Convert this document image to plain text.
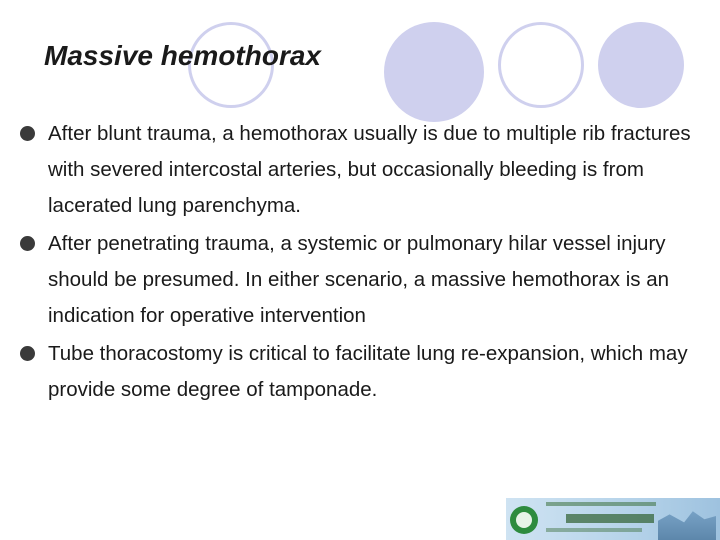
Massive hemothorax
After blunt trauma, a hemothorax usually is due to multiple rib fractures with severed intercostal arteries, but occasionally bleeding is from lacerated lung parenchyma.
After penetrating trauma, a systemic or pulmonary hilar vessel injury should be presumed. In either scenario, a massive hemothorax is an indication for operative intervention
Tube thoracostomy is critical to facilitate lung re-expansion, which may provide some degree of tamponade.
